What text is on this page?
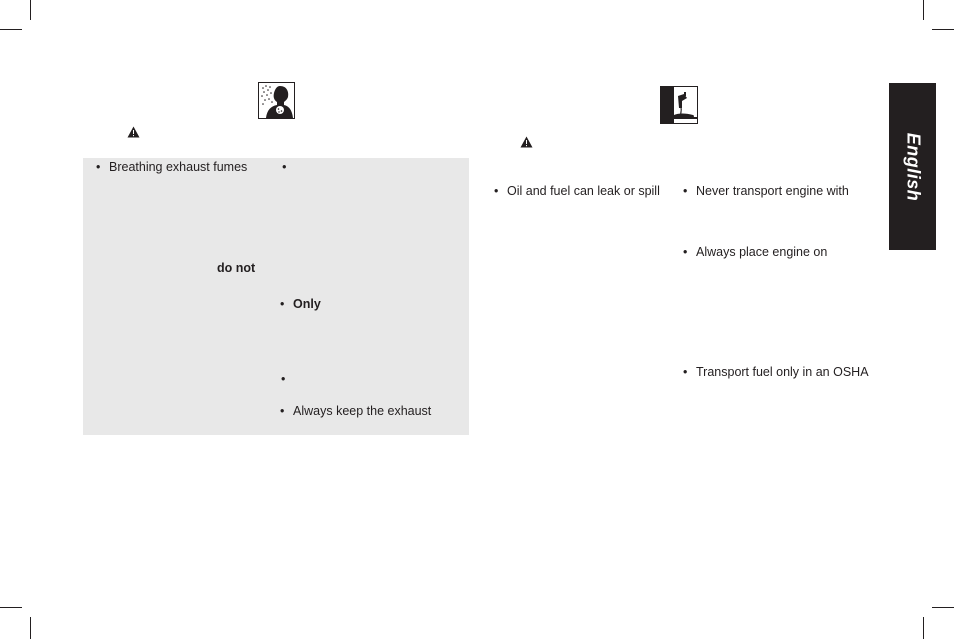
• Breathing exhaust fumes
do not
•
• Only
•
• Always keep the exhaust
• Oil and fuel can leak or spill • Never transport engine with
• Always place engine on
• Transport fuel only in an OSHA
English
